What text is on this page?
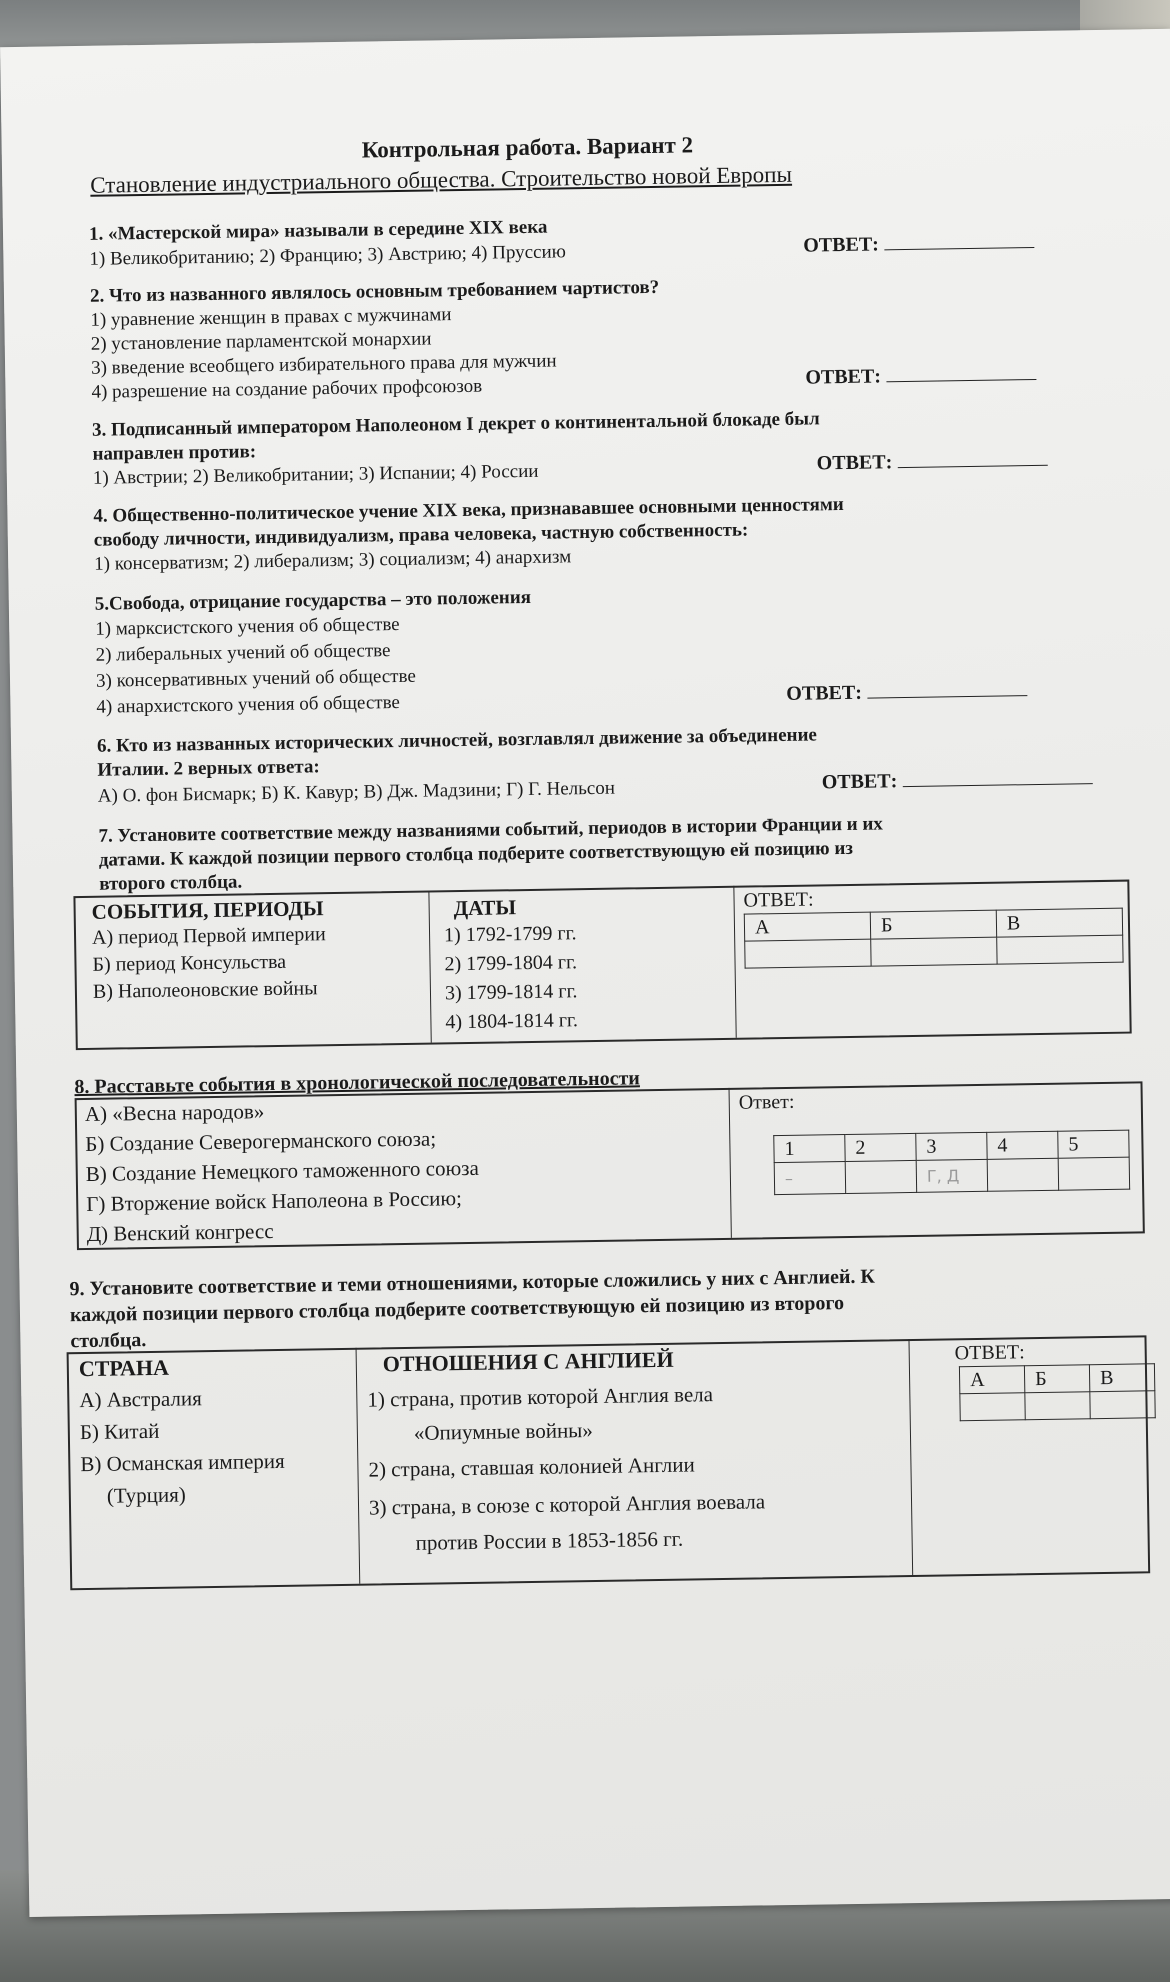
Контрольная работа. Вариант 2
Становление индустриального общества. Строительство новой Европы
1. «Мастерской мира» называли в середине XIX века
1) Великобританию; 2) Францию; 3) Австрию; 4) Пруссию	ОТВЕТ:
2. Что из названного являлось основным требованием чартистов?
1) уравнение женщин в правах с мужчинами
2) установление парламентской монархии
3) введение всеобщего избирательного права для мужчин
4) разрешение на создание рабочих профсоюзов	ОТВЕТ:
3. Подписанный императором Наполеоном I декрет о континентальной блокаде был
направлен против:
1) Австрии; 2) Великобритании; 3) Испании; 4) России	ОТВЕТ:
4. Общественно-политическое учение XIX века, признававшее основными ценностями
свободу личности, индивидуализм, права человека, частную собственность:
1) консерватизм; 2) либерализм; 3) социализм; 4) анархизм
5.Свобода, отрицание государства – это положения
1) марксистского учения об обществе
2) либеральных учений об обществе
3) консервативных учений об обществе
4) анархистского учения об обществе	ОТВЕТ:
6. Кто из названных исторических личностей, возглавлял движение за объединение
Италии. 2 верных ответа:
А) О. фон Бисмарк; Б) К. Кавур; В) Дж. Мадзини; Г) Г. Нельсон	ОТВЕТ:
7. Установите соответствие между названиями событий, периодов в истории Франции и их
датами. К каждой позиции первого столбца подберите соответствующую ей позицию из
второго столбца.
СОБЫТИЯ, ПЕРИОДЫ
А) период Первой империи
Б) период Консульства
В) Наполеоновские войны
ДАТЫ
1) 1792-1799 гг.
2) 1799-1804 гг.
3) 1799-1814 гг.
4) 1804-1814 гг.
ОТВЕТ:
А	Б	В

8. Расставьте события в хронологической последовательности
А) «Весна народов»
Б) Создание Северогерманского союза;
В) Создание Немецкого таможенного союза
Г) Вторжение войск Наполеона в Россию;
Д) Венский конгресс
Ответ:
1	2	3	4	5
–		Г, Д		
9. Установите соответствие и теми отношениями, которые сложились у них с Англией. К
каждой позиции первого столбца подберите соответствующую ей позицию из второго
столбца.
СТРАНА
А) Австралия
Б) Китай
В) Османская империя
(Турция)
ОТНОШЕНИЯ С АНГЛИЕЙ
1) страна, против которой Англия вела
«Опиумные войны»
2) страна, ставшая колонией Англии
3) страна, в союзе с которой Англия воевала
против России в 1853-1856 гг.
ОТВЕТ:
А	Б	В
